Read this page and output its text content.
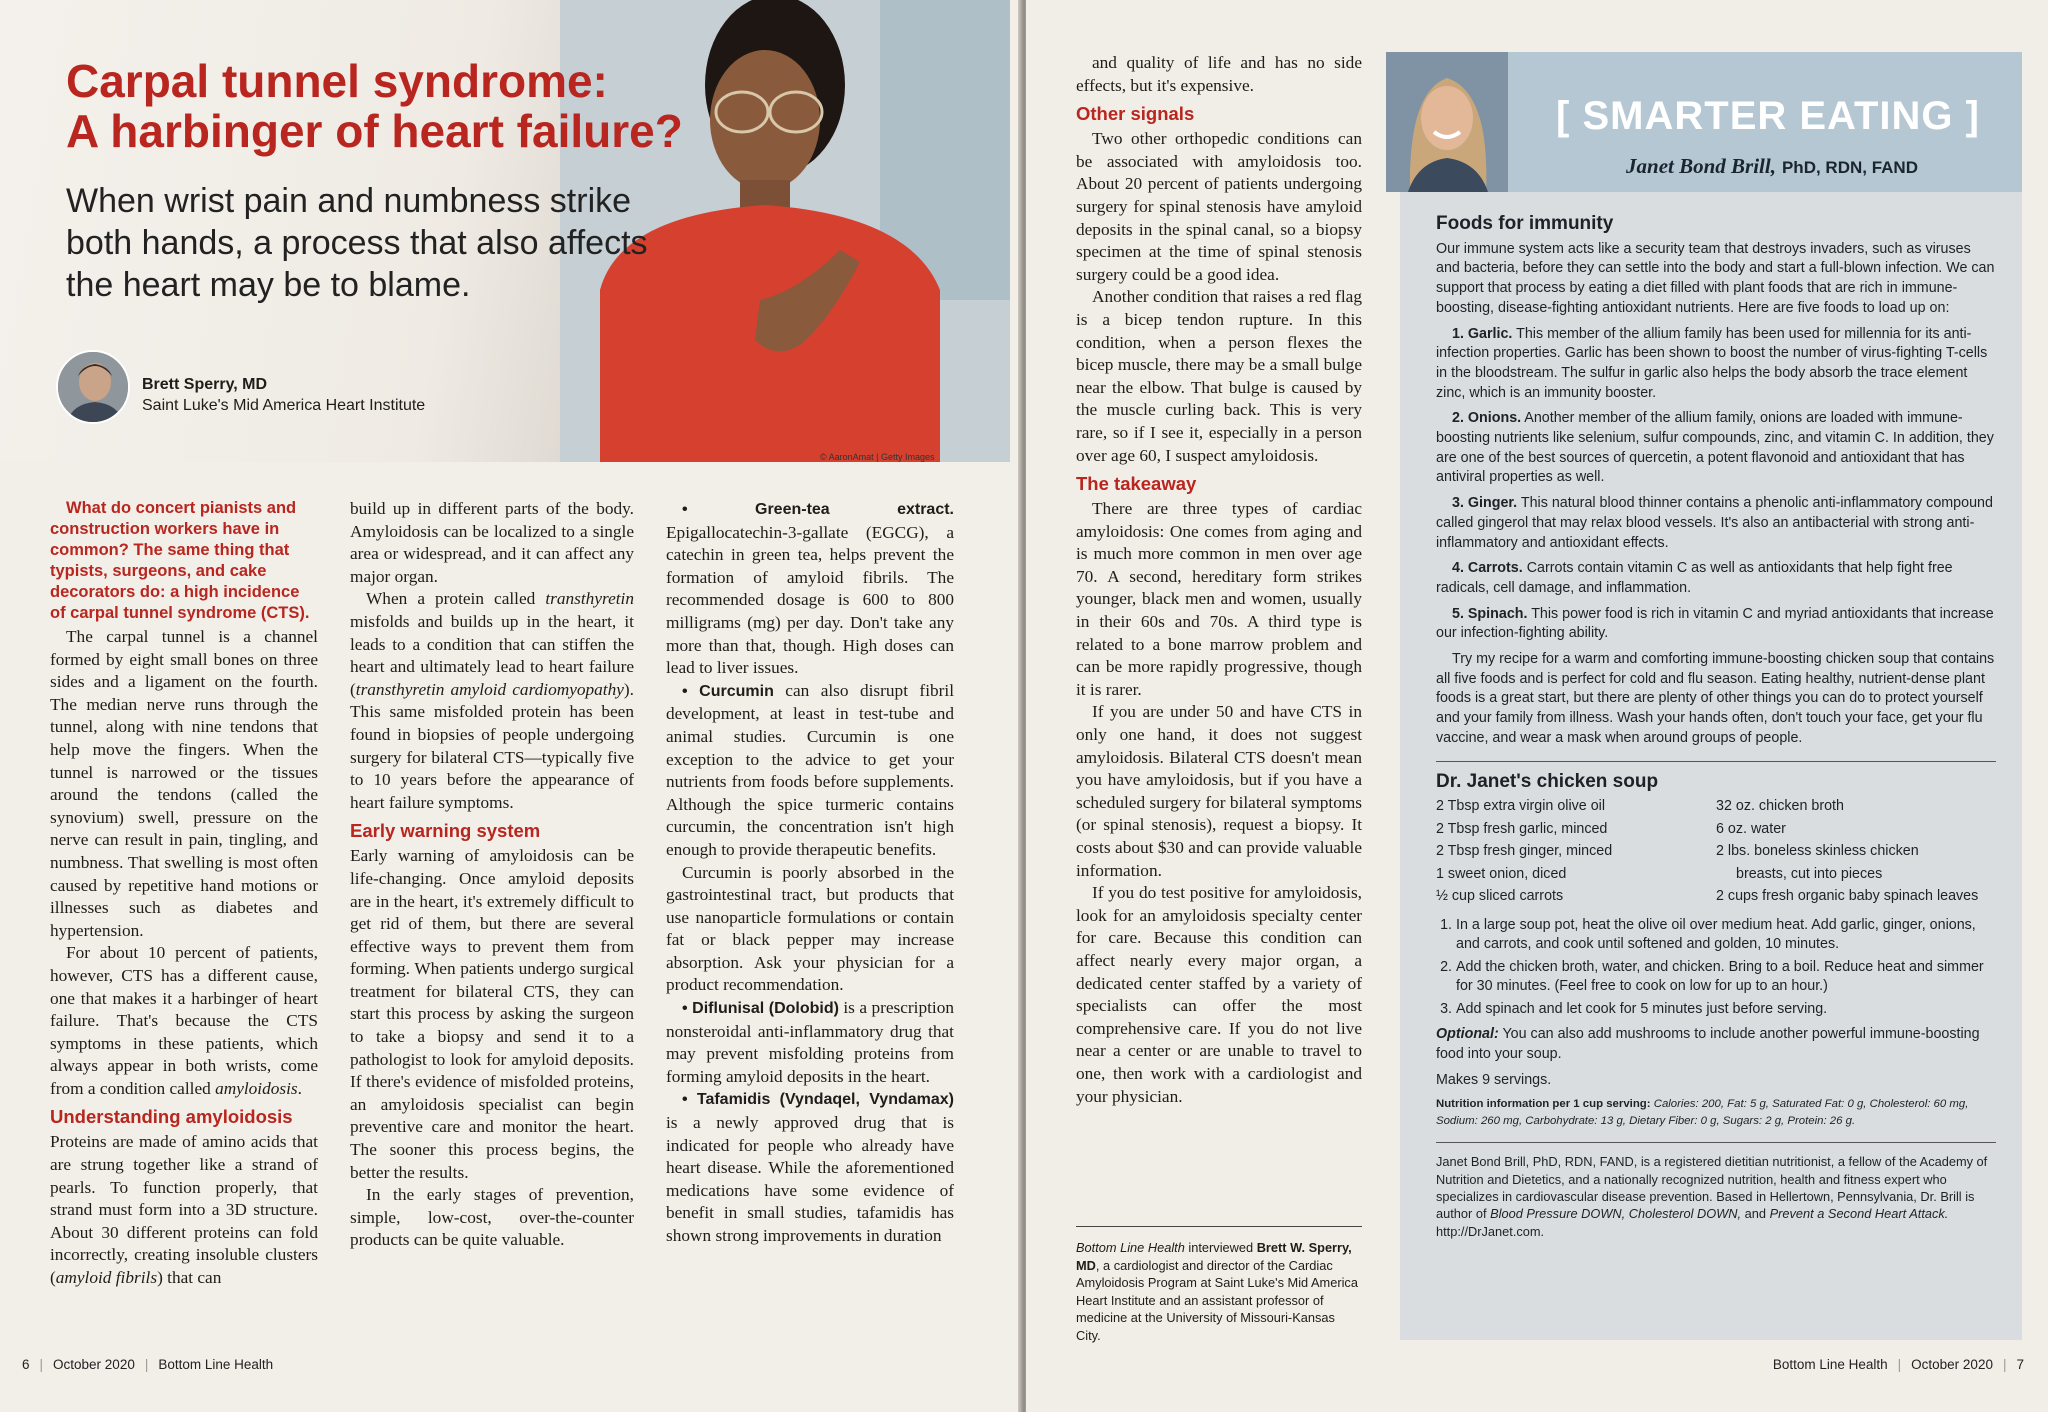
Carpal tunnel syndrome:
A harbinger of heart failure?
When wrist pain and numbness strike both hands, a process that also affects the heart may be to blame.
Brett Sperry, MD
Saint Luke's Mid America Heart Institute
© AaronAmat | Getty Images

What do concert pianists and construction workers have in common? The same thing that typists, surgeons, and cake decorators do: a high incidence of carpal tunnel syndrome (CTS).

The carpal tunnel is a channel formed by eight small bones on three sides and a ligament on the fourth. The median nerve runs through the tunnel, along with nine tendons that help move the fingers. When the tunnel is narrowed or the tissues around the tendons (called the synovium) swell, pressure on the nerve can result in pain, tingling, and numbness. That swelling is most often caused by repetitive hand motions or illnesses such as diabetes and hypertension.

For about 10 percent of patients, however, CTS has a different cause, one that makes it a harbinger of heart failure. That's because the CTS symptoms in these patients, which always appear in both wrists, come from a condition called amyloidosis.

Understanding amyloidosis

Proteins are made of amino acids that are strung together like a strand of pearls. To function properly, that strand must form into a 3D structure. About 30 different proteins can fold incorrectly, creating insoluble clusters (amyloid fibrils) that can

build up in different parts of the body. Amyloidosis can be localized to a single area or widespread, and it can affect any major organ.

When a protein called transthyretin misfolds and builds up in the heart, it leads to a condition that can stiffen the heart and ultimately lead to heart failure (transthyretin amyloid cardiomyopathy). This same misfolded protein has been found in biopsies of people undergoing surgery for bilateral CTS—typically five to 10 years before the appearance of heart failure symptoms.

Early warning system

Early warning of amyloidosis can be life-changing. Once amyloid deposits are in the heart, it's extremely difficult to get rid of them, but there are several effective ways to prevent them from forming. When patients undergo surgical treatment for bilateral CTS, they can start this process by asking the surgeon to take a biopsy and send it to a pathologist to look for amyloid deposits. If there's evidence of misfolded proteins, an amyloidosis specialist can begin preventive care and monitor the heart. The sooner this process begins, the better the results.

In the early stages of prevention, simple, low-cost, over-the-counter products can be quite valuable.

• Green-tea extract. Epigallocatechin-3-gallate (EGCG), a catechin in green tea, helps prevent the formation of amyloid fibrils. The recommended dosage is 600 to 800 milligrams (mg) per day. Don't take any more than that, though. High doses can lead to liver issues.

• Curcumin can also disrupt fibril development, at least in test-tube and animal studies. Curcumin is one exception to the advice to get your nutrients from foods before supplements. Although the spice turmeric contains curcumin, the concentration isn't high enough to provide therapeutic benefits.

Curcumin is poorly absorbed in the gastrointestinal tract, but products that use nanoparticle formulations or contain fat or black pepper may increase absorption. Ask your physician for a product recommendation.

• Diflunisal (Dolobid) is a prescription nonsteroidal anti-inflammatory drug that may prevent misfolding proteins from forming amyloid deposits in the heart.

• Tafamidis (Vyndaqel, Vyndamax) is a newly approved drug that is indicated for people who already have heart disease. While the aforementioned medications have some evidence of benefit in small studies, tafamidis has shown strong improvements in duration

6 | October 2020 | Bottom Line Health

and quality of life and has no side effects, but it's expensive.

Other signals

Two other orthopedic conditions can be associated with amyloidosis too. About 20 percent of patients undergoing surgery for spinal stenosis have amyloid deposits in the spinal canal, so a biopsy specimen at the time of spinal stenosis surgery could be a good idea.

Another condition that raises a red flag is a bicep tendon rupture. In this condition, when a person flexes the bicep muscle, there may be a small bulge near the elbow. That bulge is caused by the muscle curling back. This is very rare, so if I see it, especially in a person over age 60, I suspect amyloidosis.

The takeaway

There are three types of cardiac amyloidosis: One comes from aging and is much more common in men over age 70. A second, hereditary form strikes younger, black men and women, usually in their 60s and 70s. A third type is related to a bone marrow problem and can be more rapidly progressive, though it is rarer.

If you are under 50 and have CTS in only one hand, it does not suggest amyloidosis. Bilateral CTS doesn't mean you have amyloidosis, but if you have a scheduled surgery for bilateral symptoms (or spinal stenosis), request a biopsy. It costs about $30 and can provide valuable information.

If you do test positive for amyloidosis, look for an amyloidosis specialty center for care. Because this condition can affect nearly every major organ, a dedicated center staffed by a variety of specialists can offer the most comprehensive care. If you do not live near a center or are unable to travel to one, then work with a cardiologist and your physician.

Bottom Line Health interviewed Brett W. Sperry, MD, a cardiologist and director of the Cardiac Amyloidosis Program at Saint Luke's Mid America Heart Institute and an assistant professor of medicine at the University of Missouri-Kansas City.
[ SMARTER EATING ]
Janet Bond Brill, PhD, RDN, FAND
Foods for immunity

Our immune system acts like a security team that destroys invaders, such as viruses and bacteria, before they can settle into the body and start a full-blown infection. We can support that process by eating a diet filled with plant foods that are rich in immune-boosting, disease-fighting antioxidant nutrients. Here are five foods to load up on:

1. Garlic. This member of the allium family has been used for millennia for its anti-infection properties. Garlic has been shown to boost the number of virus-fighting T-cells in the bloodstream. The sulfur in garlic also helps the body absorb the trace element zinc, which is an immunity booster.

2. Onions. Another member of the allium family, onions are loaded with immune-boosting nutrients like selenium, sulfur compounds, zinc, and vitamin C. In addition, they are one of the best sources of quercetin, a potent flavonoid and antioxidant that has antiviral properties as well.

3. Ginger. This natural blood thinner contains a phenolic anti-inflammatory compound called gingerol that may relax blood vessels. It's also an antibacterial with strong anti-inflammatory and antioxidant effects.

4. Carrots. Carrots contain vitamin C as well as antioxidants that help fight free radicals, cell damage, and inflammation.

5. Spinach. This power food is rich in vitamin C and myriad antioxidants that increase our infection-fighting ability.

Try my recipe for a warm and comforting immune-boosting chicken soup that contains all five foods and is perfect for cold and flu season. Eating healthy, nutrient-dense plant foods is a great start, but there are plenty of other things you can do to protect yourself and your family from illness. Wash your hands often, don't touch your face, get your flu vaccine, and wear a mask when around groups of people.

Dr. Janet's chicken soup
2 Tbsp extra virgin olive oil
2 Tbsp fresh garlic, minced
2 Tbsp fresh ginger, minced
1 sweet onion, diced
½ cup sliced carrots
32 oz. chicken broth
6 oz. water
2 lbs. boneless skinless chicken
breasts, cut into pieces
2 cups fresh organic baby spinach leaves
1. In a large soup pot, heat the olive oil over medium heat. Add garlic, ginger, onions, and carrots, and cook until softened and golden, 10 minutes.
2. Add the chicken broth, water, and chicken. Bring to a boil. Reduce heat and simmer for 30 minutes. (Feel free to cook on low for up to an hour.)
3. Add spinach and let cook for 5 minutes just before serving.

Optional: You can also add mushrooms to include another powerful immune-boosting food into your soup.

Makes 9 servings.

Nutrition information per 1 cup serving: Calories: 200, Fat: 5 g, Saturated Fat: 0 g, Cholesterol: 60 mg, Sodium: 260 mg, Carbohydrate: 13 g, Dietary Fiber: 0 g, Sugars: 2 g, Protein: 26 g.

Janet Bond Brill, PhD, RDN, FAND, is a registered dietitian nutritionist, a fellow of the Academy of Nutrition and Dietetics, and a nationally recognized nutrition, health and fitness expert who specializes in cardiovascular disease prevention. Based in Hellertown, Pennsylvania, Dr. Brill is author of Blood Pressure DOWN, Cholesterol DOWN, and Prevent a Second Heart Attack. http://DrJanet.com.
Bottom Line Health | October 2020 | 7
